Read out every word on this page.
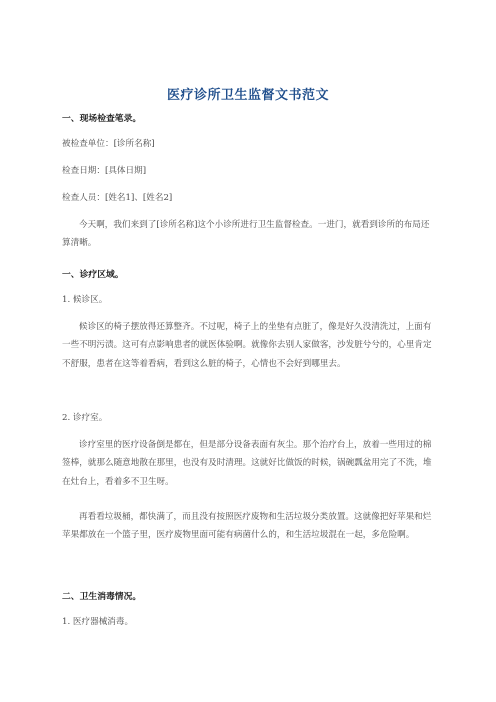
医疗诊所卫生监督文书范文
一、现场检查笔录。
被检查单位：[诊所名称]
检查日期：[具体日期]
检查人员：[姓名1]、[姓名2]
今天啊，我们来到了[诊所名称]这个小诊所进行卫生监督检查。一进门，就看到诊所的布局还算清晰。
一、诊疗区域。
1. 候诊区。
候诊区的椅子摆放得还算整齐。不过呢，椅子上的坐垫有点脏了，像是好久没清洗过，上面有一些不明污渍。这可有点影响患者的就医体验啊。就像你去别人家做客，沙发脏兮兮的，心里肯定不舒服，患者在这等着看病，看到这么脏的椅子，心情也不会好到哪里去。
2. 诊疗室。
诊疗室里的医疗设备倒是都在，但是部分设备表面有灰尘。那个治疗台上，放着一些用过的棉签棒，就那么随意地散在那里，也没有及时清理。这就好比做饭的时候，锅碗瓢盆用完了不洗，堆在灶台上，看着多不卫生呀。
再看看垃圾桶，都快满了，而且没有按照医疗废物和生活垃圾分类放置。这就像把好苹果和烂苹果都放在一个篮子里，医疗废物里面可能有病菌什么的，和生活垃圾混在一起，多危险啊。
二、卫生消毒情况。
1. 医疗器械消毒。
